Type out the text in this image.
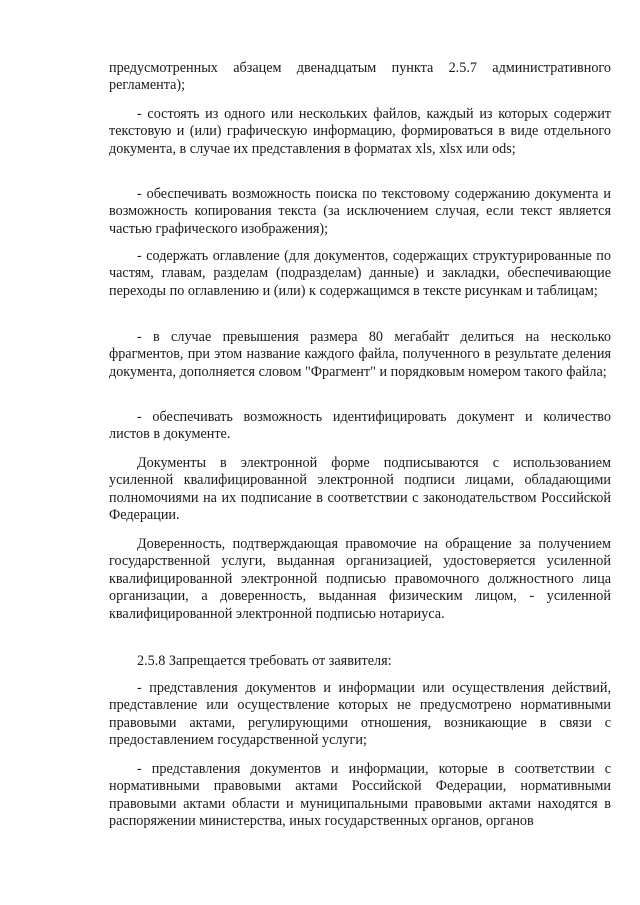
предусмотренных абзацем двенадцатым пункта 2.5.7 административного регламента);

- состоять из одного или нескольких файлов, каждый из которых содержит текстовую и (или) графическую информацию, формироваться в виде отдельного документа, в случае их представления в форматах xls, xlsx или ods;

- обеспечивать возможность поиска по текстовому содержанию документа и возможность копирования текста (за исключением случая, если текст является частью графического изображения);

- содержать оглавление (для документов, содержащих структурированные по частям, главам, разделам (подразделам) данные) и закладки, обеспечивающие переходы по оглавлению и (или) к содержащимся в тексте рисункам и таблицам;

- в случае превышения размера 80 мегабайт делиться на несколько фрагментов, при этом название каждого файла, полученного в результате деления документа, дополняется словом "Фрагмент" и порядковым номером такого файла;

- обеспечивать возможность идентифицировать документ и количество листов в документе.

Документы в электронной форме подписываются с использованием усиленной квалифицированной электронной подписи лицами, обладающими полномочиями на их подписание в соответствии с законодательством Российской Федерации.

Доверенность, подтверждающая правомочие на обращение за получением государственной услуги, выданная организацией, удостоверяется усиленной квалифицированной электронной подписью правомочного должностного лица организации, а доверенность, выданная физическим лицом, - усиленной квалифицированной электронной подписью нотариуса.

2.5.8 Запрещается требовать от заявителя:

- представления документов и информации или осуществления действий, представление или осуществление которых не предусмотрено нормативными правовыми актами, регулирующими отношения, возникающие в связи с предоставлением государственной услуги;

- представления документов и информации, которые в соответствии с нормативными правовыми актами Российской Федерации, нормативными правовыми актами области и муниципальными правовыми актами находятся в распоряжении министерства, иных государственных органов, органов
